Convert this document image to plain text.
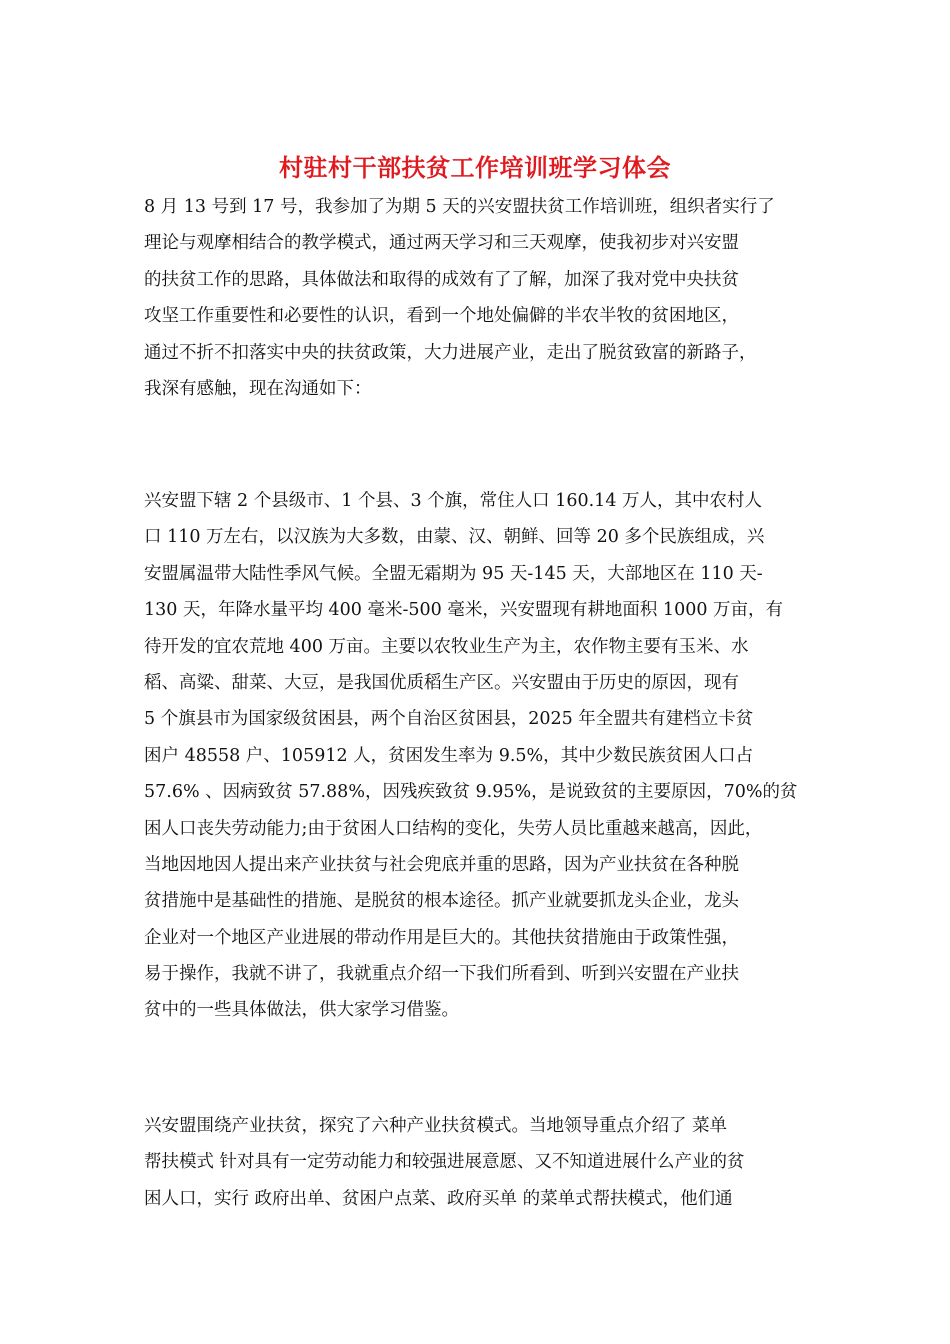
村驻村干部扶贫工作培训班学习体会
8 月 13 号到 17 号，我参加了为期 5 天的兴安盟扶贫工作培训班，组织者实行了
理论与观摩相结合的教学模式，通过两天学习和三天观摩，使我初步对兴安盟
的扶贫工作的思路，具体做法和取得的成效有了了解，加深了我对党中央扶贫
攻坚工作重要性和必要性的认识，看到一个地处偏僻的半农半牧的贫困地区，
通过不折不扣落实中央的扶贫政策，大力进展产业，走出了脱贫致富的新路子，
我深有感触，现在沟通如下：
兴安盟下辖 2 个县级市、1 个县、3 个旗，常住人口 160.14 万人，其中农村人
口 110 万左右，以汉族为大多数，由蒙、汉、朝鲜、回等 20 多个民族组成，兴
安盟属温带大陆性季风气候。全盟无霜期为 95 天-145 天，大部地区在 110 天-
130 天，年降水量平均 400 毫米-500 毫米，兴安盟现有耕地面积 1000 万亩，有
待开发的宜农荒地 400 万亩。主要以农牧业生产为主，农作物主要有玉米、水
稻、高粱、甜菜、大豆，是我国优质稻生产区。兴安盟由于历史的原因，现有
5 个旗县市为国家级贫困县，两个自治区贫困县，2025 年全盟共有建档立卡贫
困户 48558 户、105912 人，贫困发生率为 9.5%，其中少数民族贫困人口占
57.6% 、因病致贫 57.88%，因残疾致贫 9.95%，是说致贫的主要原因，70%的贫
困人口丧失劳动能力;由于贫困人口结构的变化，失劳人员比重越来越高，因此，
当地因地因人提出来产业扶贫与社会兜底并重的思路，因为产业扶贫在各种脱
贫措施中是基础性的措施、是脱贫的根本途径。抓产业就要抓龙头企业，龙头
企业对一个地区产业进展的带动作用是巨大的。其他扶贫措施由于政策性强，
易于操作，我就不讲了，我就重点介绍一下我们所看到、听到兴安盟在产业扶
贫中的一些具体做法，供大家学习借鉴。
兴安盟围绕产业扶贫，探究了六种产业扶贫模式。当地领导重点介绍了 菜单
帮扶模式 针对具有一定劳动能力和较强进展意愿、又不知道进展什么产业的贫
困人口，实行 政府出单、贫困户点菜、政府买单 的菜单式帮扶模式，他们通
